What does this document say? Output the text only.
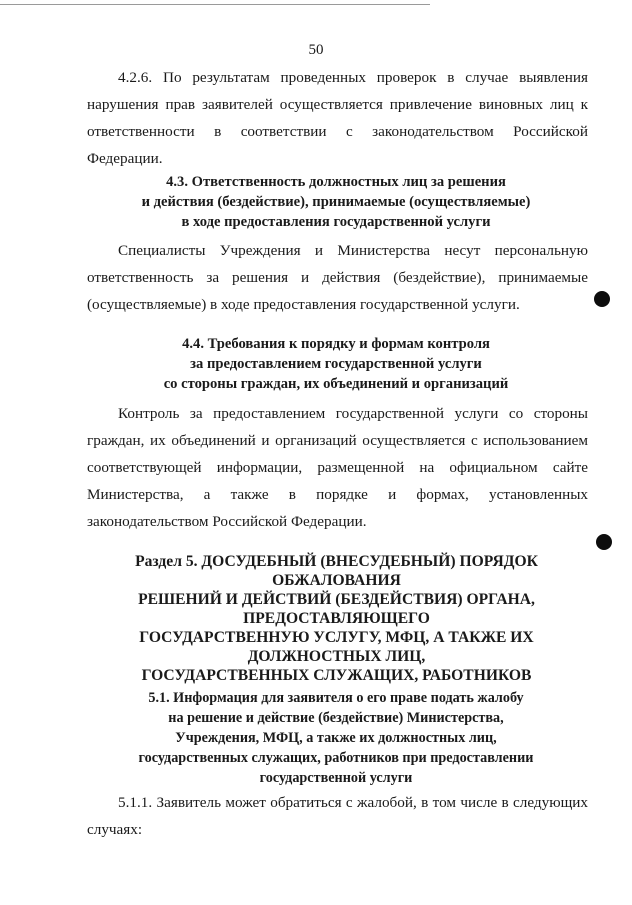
50

4.2.6. По результатам проведенных проверок в случае выявления нарушения прав заявителей осуществляется привлечение виновных лиц к ответственности в соответствии с законодательством Российской Федерации.

4.3. Ответственность должностных лиц за решения
и действия (бездействие), принимаемые (осуществляемые)
в ходе предоставления государственной услуги

Специалисты Учреждения и Министерства несут персональную ответственность за решения и действия (бездействие), принимаемые (осуществляемые) в ходе предоставления государственной услуги.

4.4. Требования к порядку и формам контроля
за предоставлением государственной услуги
со стороны граждан, их объединений и организаций

Контроль за предоставлением государственной услуги со стороны граждан, их объединений и организаций осуществляется с использованием соответствующей информации, размещенной на официальном сайте Министерства, а также в порядке и формах, установленных законодательством Российской Федерации.

Раздел 5. ДОСУДЕБНЫЙ (ВНЕСУДЕБНЫЙ) ПОРЯДОК
ОБЖАЛОВАНИЯ
РЕШЕНИЙ И ДЕЙСТВИЙ (БЕЗДЕЙСТВИЯ) ОРГАНА,
ПРЕДОСТАВЛЯЮЩЕГО
ГОСУДАРСТВЕННУЮ УСЛУГУ, МФЦ, А ТАКЖЕ ИХ
ДОЛЖНОСТНЫХ ЛИЦ,
ГОСУДАРСТВЕННЫХ СЛУЖАЩИХ, РАБОТНИКОВ
5.1. Информация для заявителя о его праве подать жалобу
на решение и действие (бездействие) Министерства,
Учреждения, МФЦ, а также их должностных лиц,
государственных служащих, работников при предоставлении
государственной услуги

5.1.1. Заявитель может обратиться с жалобой, в том числе в следующих случаях:
